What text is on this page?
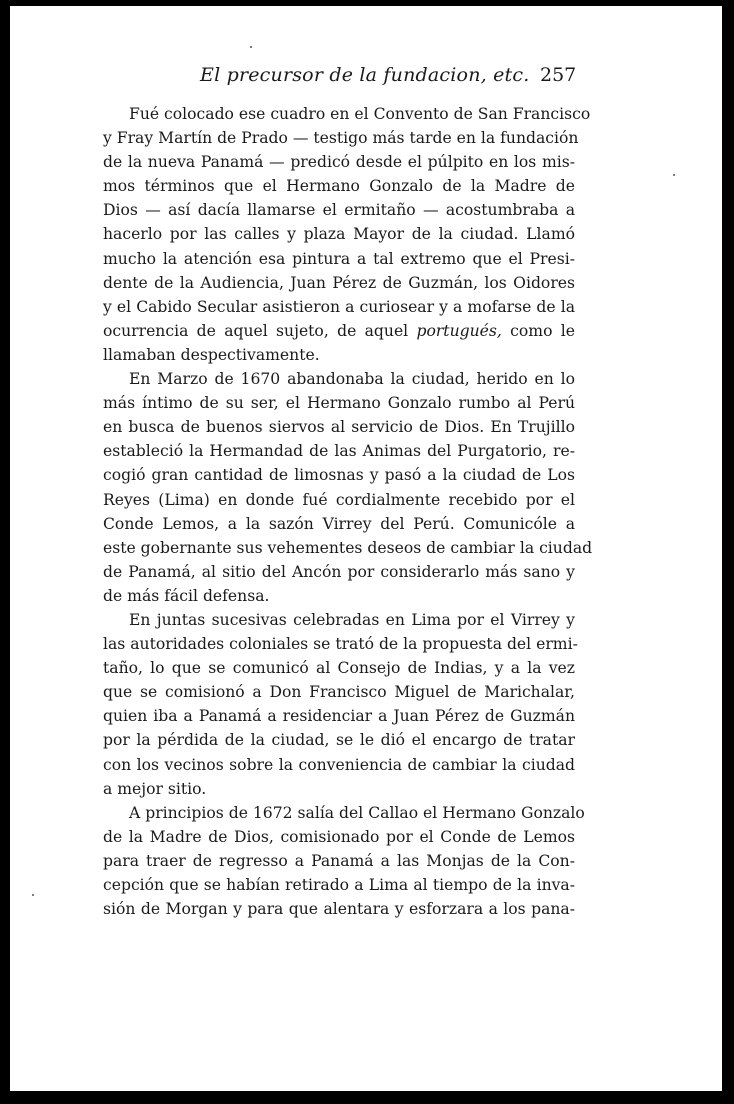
El precursor de la fundacion, etc. 257

Fué colocado ese cuadro en el Convento de San Francisco
y Fray Martín de Prado — testigo más tarde en la fundación
de la nueva Panamá — predicó desde el púlpito en los mis-
mos términos que el Hermano Gonzalo de la Madre de
Dios — así dacía llamarse el ermitaño — acostumbraba a
hacerlo por las calles y plaza Mayor de la ciudad. Llamó
mucho la atención esa pintura a tal extremo que el Presi-
dente de la Audiencia, Juan Pérez de Guzmán, los Oidores
y el Cabido Secular asistieron a curiosear y a mofarse de la
ocurrencia de aquel sujeto, de aquel portugués, como le
llamaban despectivamente.

En Marzo de 1670 abandonaba la ciudad, herido en lo
más íntimo de su ser, el Hermano Gonzalo rumbo al Perú
en busca de buenos siervos al servicio de Dios. En Trujillo
estableció la Hermandad de las Animas del Purgatorio, re-
cogió gran cantidad de limosnas y pasó a la ciudad de Los
Reyes (Lima) en donde fué cordialmente recebido por el
Conde Lemos, a la sazón Virrey del Perú. Comunicóle a
este gobernante sus vehementes deseos de cambiar la ciudad
de Panamá, al sitio del Ancón por considerarlo más sano y
de más fácil defensa.

En juntas sucesivas celebradas en Lima por el Virrey y
las autoridades coloniales se trató de la propuesta del ermi-
taño, lo que se comunicó al Consejo de Indias, y a la vez
que se comisionó a Don Francisco Miguel de Marichalar,
quien iba a Panamá a residenciar a Juan Pérez de Guzmán
por la pérdida de la ciudad, se le dió el encargo de tratar
con los vecinos sobre la conveniencia de cambiar la ciudad
a mejor sitio.

A principios de 1672 salía del Callao el Hermano Gonzalo
de la Madre de Dios, comisionado por el Conde de Lemos
para traer de regresso a Panamá a las Monjas de la Con-
cepción que se habían retirado a Lima al tiempo de la inva-
sión de Morgan y para que alentara y esforzara a los pana-
